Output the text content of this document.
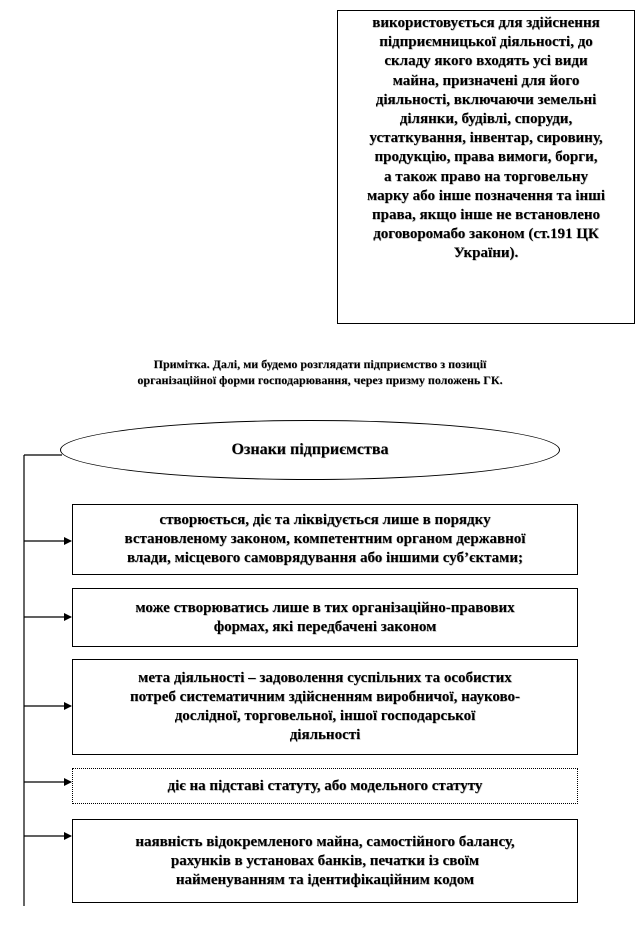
використовується для здійснення
підприємницької діяльності, до
складу якого входять усі види
майна, призначені для його
діяльності, включаючи земельні
ділянки, будівлі, споруди,
устаткування, інвентар, сировину,
продукцію, права вимоги, борги,
а також право на торговельну
марку або інше позначення та інші
права, якщо інше не встановлено
договоромабо законом (ст.191 ЦК
України).
Примітка. Далі, ми будемо розглядати підприємство з позиції
організаційної форми господарювання, через призму положень ГК.
Ознаки підприємства
створюється, діє та ліквідується лише в порядку
встановленому законом, компетентним органом державної
влади, місцевого самоврядування або іншими суб’єктами;
може створюватись лише в тих організаційно-правових
формах, які передбачені законом
мета діяльності – задоволення суспільних та особистих
потреб систематичним здійсненням виробничої, науково-
дослідної, торговельної, іншої господарської
діяльності
діє на підставі статуту, або модельного статуту
наявність відокремленого майна, самостійного балансу,
рахунків в установах банків, печатки із своїм
найменуванням та ідентифікаційним кодом
